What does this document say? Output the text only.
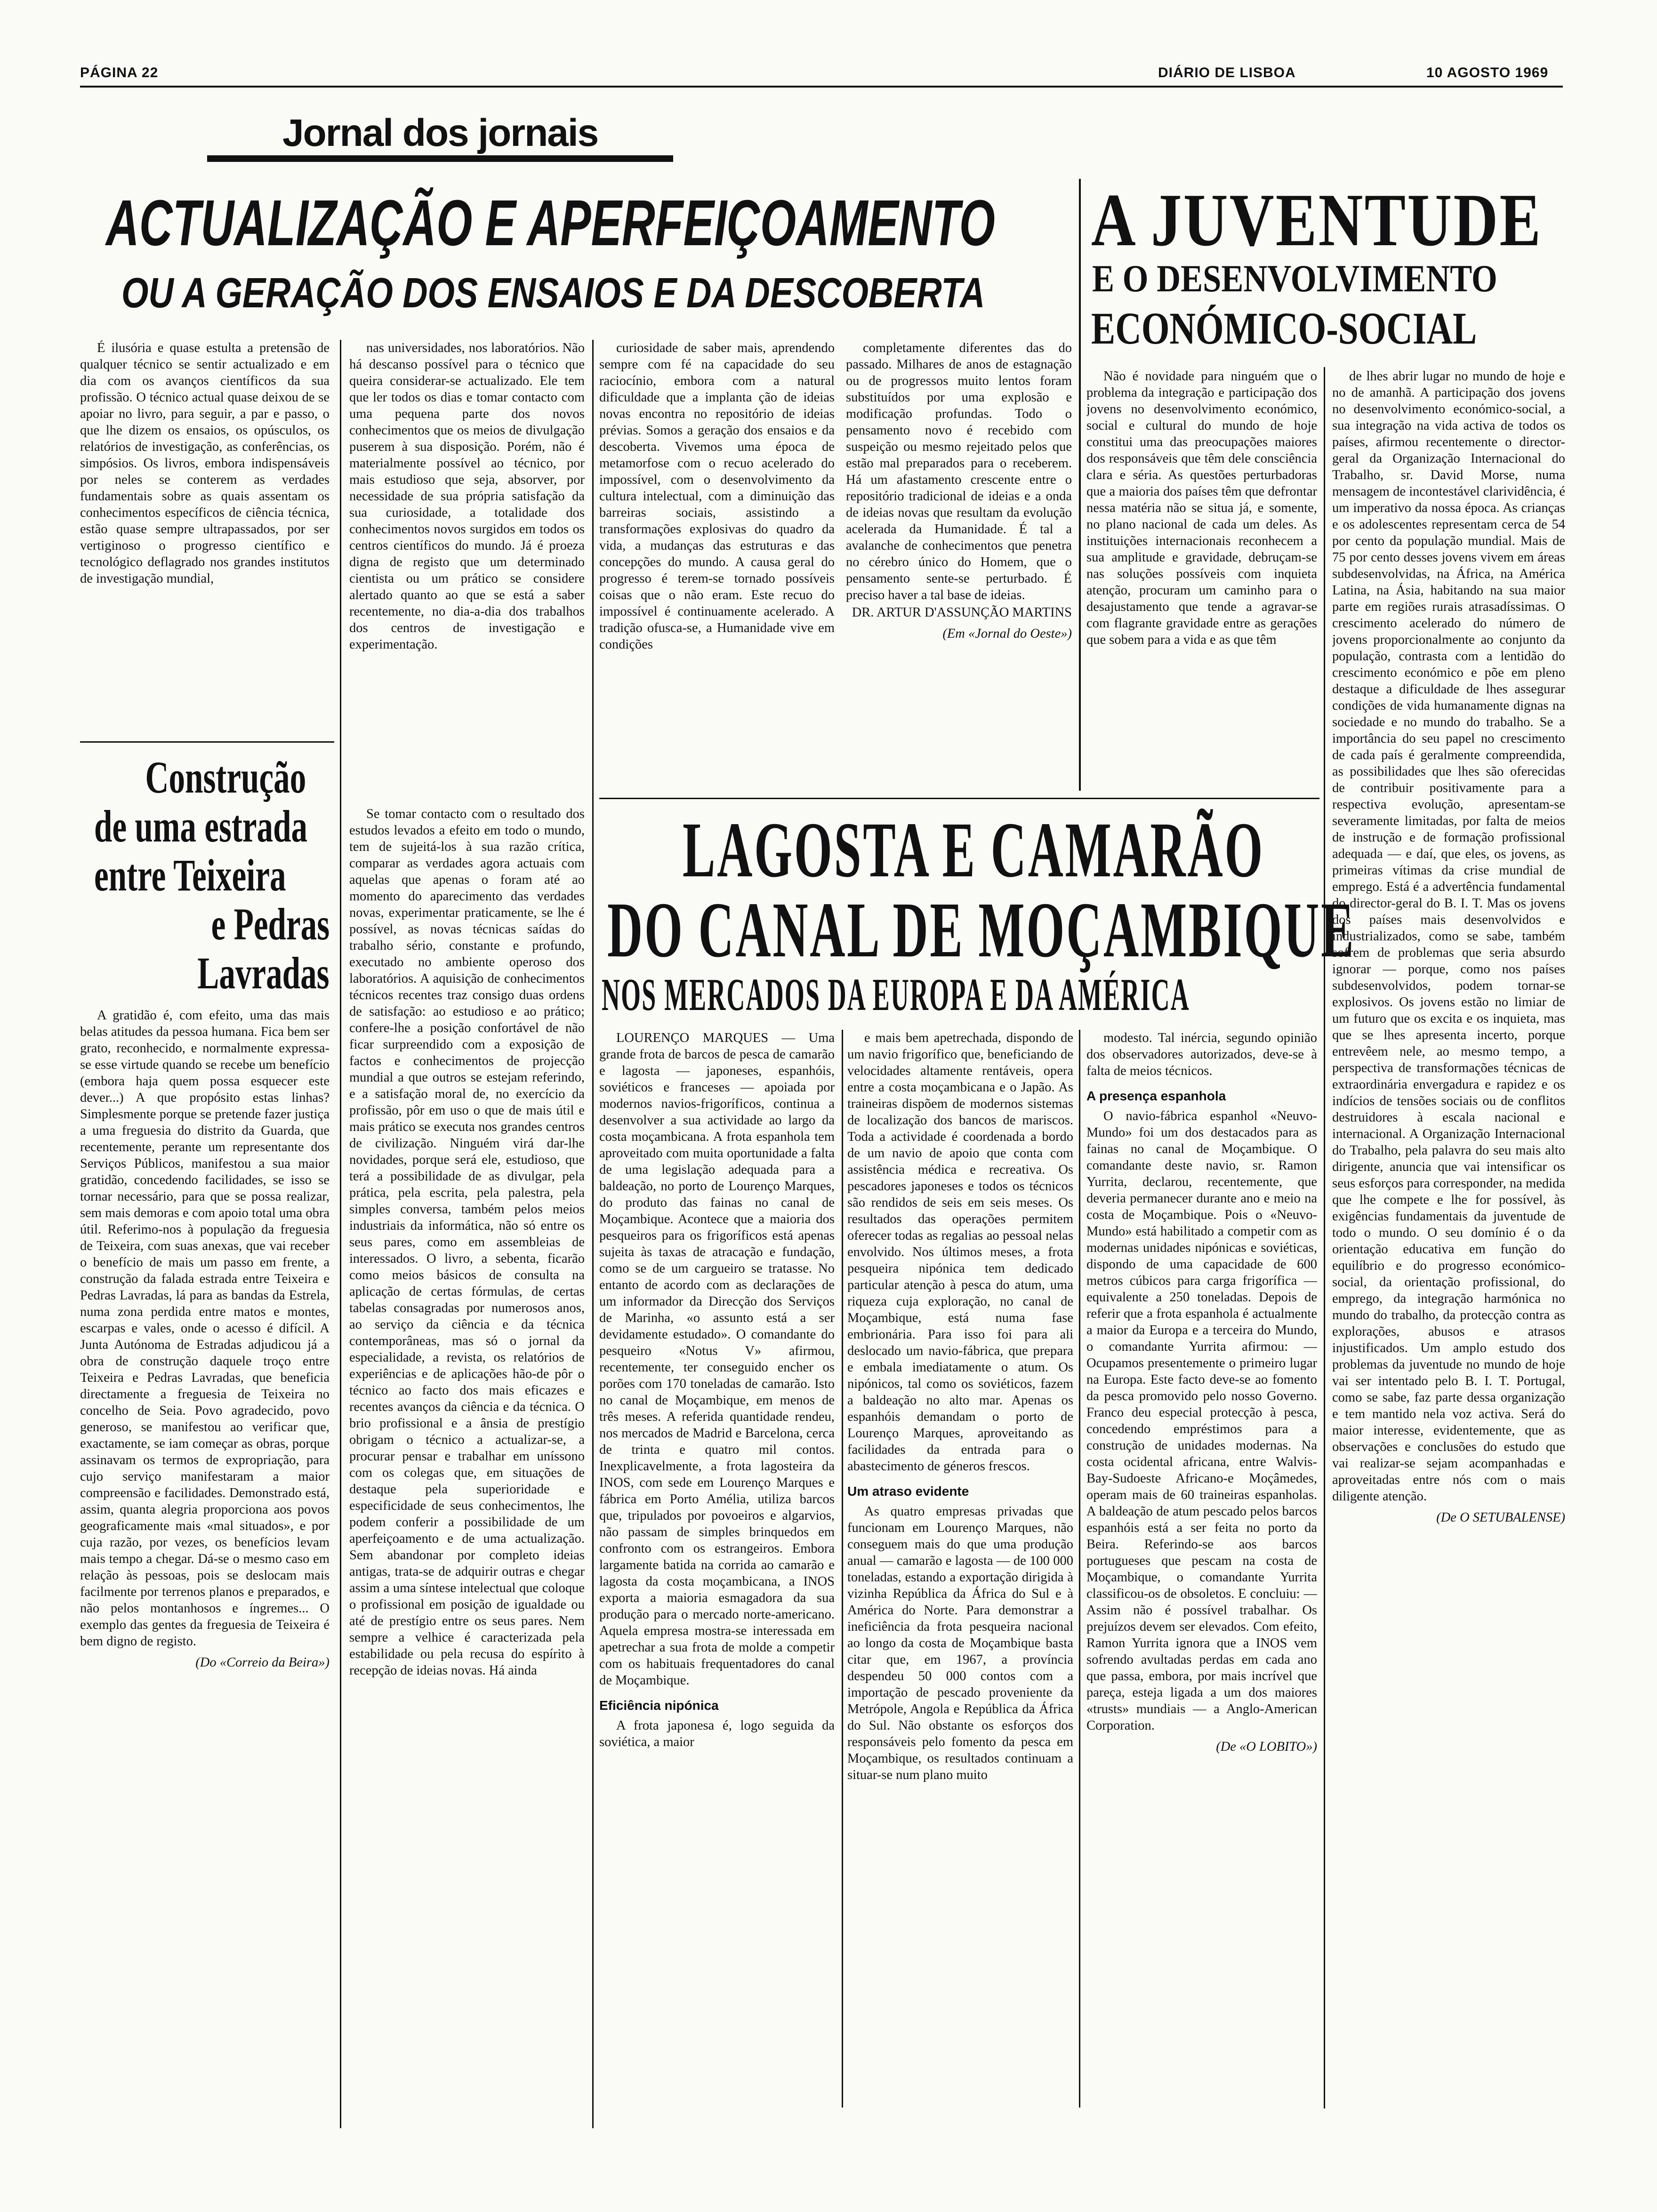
PÁGINA 22	DIÁRIO DE LISBOA	10 AGOSTO 1969
Jornal dos jornais
ACTUALIZAÇÃO E APERFEIÇOAMENTO
OU A GERAÇÃO DOS ENSAIOS E DA DESCOBERTA

É ilusória e quase estulta a pretensão de qualquer técnico se sentir actualizado e em dia com os avanços científicos da sua profissão. O técnico actual quase deixou de se apoiar no livro, para seguir, a par e passo, o que lhe dizem os ensaios, os opúsculos, os relatórios de investigação, as conferências, os simpósios. Os livros, embora indispensáveis por neles se conterem as verdades fundamentais sobre as quais assentam os conhecimentos específicos de ciência técnica, estão quase sempre ultrapassados, por ser vertiginoso o progresso científico e tecnológico deflagrado nos grandes institutos de investigação mundial,

nas universidades, nos laboratórios. Não há descanso possível para o técnico que queira considerar-se actualizado. Ele tem que ler todos os dias e tomar contacto com uma pequena parte dos novos conhecimentos que os meios de divulgação puserem à sua disposição. Porém, não é materialmente possível ao técnico, por mais estudioso que seja, absorver, por necessidade de sua própria satisfação da sua curiosidade, a totalidade dos conhecimentos novos surgidos em todos os centros científicos do mundo. Já é proeza digna de registo que um determinado cientista ou um prático se considere alertado quanto ao que se está a saber recentemente, no dia-a-dia dos trabalhos dos centros de investigação e experimentação.

curiosidade de saber mais, aprendendo sempre com fé na capacidade do seu raciocínio, embora com a natural dificuldade que a implanta ção de ideias novas encontra no repositório de ideias prévias. Somos a geração dos ensaios e da descoberta. Vivemos uma época de metamorfose com o recuo acelerado do impossível, com o desenvolvimento da cultura intelectual, com a diminuição das barreiras sociais, assistindo a transformações explosivas do quadro da vida, a mudanças das estruturas e das concepções do mundo. A causa geral do progresso é terem-se tornado possíveis coisas que o não eram. Este recuo do impossível é continuamente acelerado. A tradição ofusca-se, a Humanidade vive em condições

completamente diferentes das do passado. Milhares de anos de estagnação ou de progressos muito lentos foram substituídos por uma explosão e modificação profundas. Todo o pensamento novo é recebido com suspeição ou mesmo rejeitado pelos que estão mal preparados para o receberem. Há um afastamento crescente entre o repositório tradicional de ideias e a onda de ideias novas que resultam da evolução acelerada da Humanidade. É tal a avalanche de conhecimentos que penetra no cérebro único do Homem, que o pensamento sente-se perturbado. É preciso haver a tal base de ideias.

DR. ARTUR D'ASSUNÇÃO MARTINS

(Em «Jornal do Oeste»)

Se tomar contacto com o resultado dos estudos levados a efeito em todo o mundo, tem de sujeitá-los à sua razão crítica, comparar as verdades agora actuais com aquelas que apenas o foram até ao momento do aparecimento das verdades novas, experimentar praticamente, se lhe é possível, as novas técnicas saídas do trabalho sério, constante e profundo, executado no ambiente operoso dos laboratórios. A aquisição de conhecimentos técnicos recentes traz consigo duas ordens de satisfação: ao estudioso e ao prático; confere-lhe a posição confortável de não ficar surpreendido com a exposição de factos e conhecimentos de projecção mundial a que outros se estejam referindo, e a satisfação moral de, no exercício da profissão, pôr em uso o que de mais útil e mais prático se executa nos grandes centros de civilização. Ninguém virá dar-lhe novidades, porque será ele, estudioso, que terá a possibilidade de as divulgar, pela prática, pela escrita, pela palestra, pela simples conversa, também pelos meios industriais da informática, não só entre os seus pares, como em assembleias de interessados. O livro, a sebenta, ficarão como meios básicos de consulta na aplicação de certas fórmulas, de certas tabelas consagradas por numerosos anos, ao serviço da ciência e da técnica contemporâneas, mas só o jornal da especialidade, a revista, os relatórios de experiências e de aplicações hão-de pôr o técnico ao facto dos mais eficazes e recentes avanços da ciência e da técnica. O brio profissional e a ânsia de prestígio obrigam o técnico a actualizar-se, a procurar pensar e trabalhar em uníssono com os colegas que, em situações de destaque pela superioridade e especificidade de seus conhecimentos, lhe podem conferir a possibilidade de um aperfeiçoamento e de uma actualização. Sem abandonar por completo ideias antigas, trata-se de adquirir outras e chegar assim a uma síntese intelectual que coloque o profissional em posição de igualdade ou até de prestígio entre os seus pares. Nem sempre a velhice é caracterizada pela estabilidade ou pela recusa do espírito à recepção de ideias novas. Há ainda

Construção
de uma estrada
entre Teixeira
e Pedras
Lavradas

A gratidão é, com efeito, uma das mais belas atitudes da pessoa humana. Fica bem ser grato, reconhecido, e normalmente expressa-se esse virtude quando se recebe um benefício (embora haja quem possa esquecer este dever...) A que propósito estas linhas? Simplesmente porque se pretende fazer justiça a uma freguesia do distrito da Guarda, que recentemente, perante um representante dos Serviços Públicos, manifestou a sua maior gratidão, concedendo facilidades, se isso se tornar necessário, para que se possa realizar, sem mais demoras e com apoio total uma obra útil. Referimo-nos à população da freguesia de Teixeira, com suas anexas, que vai receber o benefício de mais um passo em frente, a construção da falada estrada entre Teixeira e Pedras Lavradas, lá para as bandas da Estrela, numa zona perdida entre matos e montes, escarpas e vales, onde o acesso é difícil. A Junta Autónoma de Estradas adjudicou já a obra de construção daquele troço entre Teixeira e Pedras Lavradas, que beneficia directamente a freguesia de Teixeira no concelho de Seia. Povo agradecido, povo generoso, se manifestou ao verificar que, exactamente, se iam começar as obras, porque assinavam os termos de expropriação, para cujo serviço manifestaram a maior compreensão e facilidades. Demonstrado está, assim, quanta alegria proporciona aos povos geograficamente mais «mal situados», e por cuja razão, por vezes, os benefícios levam mais tempo a chegar. Dá-se o mesmo caso em relação às pessoas, pois se deslocam mais facilmente por terrenos planos e preparados, e não pelos montanhosos e íngremes... O exemplo das gentes da freguesia de Teixeira é bem digno de registo.

(Do «Correio da Beira»)

A JUVENTUDE
E O DESENVOLVIMENTO
ECONÓMICO-SOCIAL

Não é novidade para ninguém que o problema da integração e participação dos jovens no desenvolvimento económico, social e cultural do mundo de hoje constitui uma das preocupações maiores dos responsáveis que têm dele consciência clara e séria. As questões perturbadoras que a maioria dos países têm que defrontar nessa matéria não se situa já, e somente, no plano nacional de cada um deles. As instituições internacionais reconhecem a sua amplitude e gravidade, debruçam-se nas soluções possíveis com inquieta atenção, procuram um caminho para o desajustamento que tende a agravar-se com flagrante gravidade entre as gerações que sobem para a vida e as que têm

de lhes abrir lugar no mundo de hoje e no de amanhã. A participação dos jovens no desenvolvimento económico-social, a sua integração na vida activa de todos os países, afirmou recentemente o director-geral da Organização Internacional do Trabalho, sr. David Morse, numa mensagem de incontestável clarividência, é um imperativo da nossa época. As crianças e os adolescentes representam cerca de 54 por cento da população mundial. Mais de 75 por cento desses jovens vivem em áreas subdesenvolvidas, na África, na América Latina, na Ásia, habitando na sua maior parte em regiões rurais atrasadíssimas. O crescimento acelerado do número de jovens proporcionalmente ao conjunto da população, contrasta com a lentidão do crescimento económico e põe em pleno destaque a dificuldade de lhes assegurar condições de vida humanamente dignas na sociedade e no mundo do trabalho. Se a importância do seu papel no crescimento de cada país é geralmente compreendida, as possibilidades que lhes são oferecidas de contribuir positivamente para a respectiva evolução, apresentam-se severamente limitadas, por falta de meios de instrução e de formação profissional adequada — e daí, que eles, os jovens, as primeiras vítimas da crise mundial de emprego. Está é a advertência fundamental do director-geral do B. I. T. Mas os jovens dos países mais desenvolvidos e industrializados, como se sabe, também sofrem de problemas que seria absurdo ignorar — porque, como nos países subdesenvolvidos, podem tornar-se explosivos. Os jovens estão no limiar de um futuro que os excita e os inquieta, mas que se lhes apresenta incerto, porque entrevêem nele, ao mesmo tempo, a perspectiva de transformações técnicas de extraordinária envergadura e rapidez e os indícios de tensões sociais ou de conflitos destruidores à escala nacional e internacional. A Organização Internacional do Trabalho, pela palavra do seu mais alto dirigente, anuncia que vai intensificar os seus esforços para corresponder, na medida que lhe compete e lhe for possível, às exigências fundamentais da juventude de todo o mundo. O seu domínio é o da orientação educativa em função do equilíbrio e do progresso económico-social, da orientação profissional, do emprego, da integração harmónica no mundo do trabalho, da protecção contra as explorações, abusos e atrasos injustificados. Um amplo estudo dos problemas da juventude no mundo de hoje vai ser intentado pelo B. I. T. Portugal, como se sabe, faz parte dessa organização e tem mantido nela voz activa. Será do maior interesse, evidentemente, que as observações e conclusões do estudo que vai realizar-se sejam acompanhadas e aproveitadas entre nós com o mais diligente atenção.

(De O SETUBALENSE)

LAGOSTA E CAMARÃO
DO CANAL DE MOÇAMBIQUE
NOS MERCADOS DA EUROPA E DA AMÉRICA

LOURENÇO MARQUES — Uma grande frota de barcos de pesca de camarão e lagosta — japoneses, espanhóis, soviéticos e franceses — apoiada por modernos navios-frigoríficos, continua a desenvolver a sua actividade ao largo da costa moçambicana. A frota espanhola tem aproveitado com muita oportunidade a falta de uma legislação adequada para a baldeação, no porto de Lourenço Marques, do produto das fainas no canal de Moçambique. Acontece que a maioria dos pesqueiros para os frigoríficos está apenas sujeita às taxas de atracação e fundação, como se de um cargueiro se tratasse. No entanto de acordo com as declarações de um informador da Direcção dos Serviços de Marinha, «o assunto está a ser devidamente estudado». O comandante do pesqueiro «Notus V» afirmou, recentemente, ter conseguido encher os porões com 170 toneladas de camarão. Isto no canal de Moçambique, em menos de três meses. A referida quantidade rendeu, nos mercados de Madrid e Barcelona, cerca de trinta e quatro mil contos. Inexplicavelmente, a frota lagosteira da INOS, com sede em Lourenço Marques e fábrica em Porto Amélia, utiliza barcos que, tripulados por povoeiros e algarvios, não passam de simples brinquedos em confronto com os estrangeiros. Embora largamente batida na corrida ao camarão e lagosta da costa moçambicana, a INOS exporta a maioria esmagadora da sua produção para o mercado norte-americano. Aquela empresa mostra-se interessada em apetrechar a sua frota de molde a competir com os habituais frequentadores do canal de Moçambique.

Eficiência nipónica

A frota japonesa é, logo seguida da soviética, a maior

e mais bem apetrechada, dispondo de um navio frigorífico que, beneficiando de velocidades altamente rentáveis, opera entre a costa moçambicana e o Japão. As traineiras dispõem de modernos sistemas de localização dos bancos de mariscos. Toda a actividade é coordenada a bordo de um navio de apoio que conta com assistência médica e recreativa. Os pescadores japoneses e todos os técnicos são rendidos de seis em seis meses. Os resultados das operações permitem oferecer todas as regalias ao pessoal nelas envolvido. Nos últimos meses, a frota pesqueira nipónica tem dedicado particular atenção à pesca do atum, uma riqueza cuja exploração, no canal de Moçambique, está numa fase embrionária. Para isso foi para ali deslocado um navio-fábrica, que prepara e embala imediatamente o atum. Os nipónicos, tal como os soviéticos, fazem a baldeação no alto mar. Apenas os espanhóis demandam o porto de Lourenço Marques, aproveitando as facilidades da entrada para o abastecimento de géneros frescos.

Um atraso evidente

As quatro empresas privadas que funcionam em Lourenço Marques, não conseguem mais do que uma produção anual — camarão e lagosta — de 100 000 toneladas, estando a exportação dirigida à vizinha República da África do Sul e à América do Norte. Para demonstrar a ineficiência da frota pesqueira nacional ao longo da costa de Moçambique basta citar que, em 1967, a província despendeu 50 000 contos com a importação de pescado proveniente da Metrópole, Angola e República da África do Sul. Não obstante os esforços dos responsáveis pelo fomento da pesca em Moçambique, os resultados continuam a situar-se num plano muito

modesto. Tal inércia, segundo opinião dos observadores autorizados, deve-se à falta de meios técnicos.

A presença espanhola

O navio-fábrica espanhol «Neuvo-Mundo» foi um dos destacados para as fainas no canal de Moçambique. O comandante deste navio, sr. Ramon Yurrita, declarou, recentemente, que deveria permanecer durante ano e meio na costa de Moçambique. Pois o «Neuvo-Mundo» está habilitado a competir com as modernas unidades nipónicas e soviéticas, dispondo de uma capacidade de 600 metros cúbicos para carga frigorífica — equivalente a 250 toneladas. Depois de referir que a frota espanhola é actualmente a maior da Europa e a terceira do Mundo, o comandante Yurrita afirmou: —Ocupamos presentemente o primeiro lugar na Europa. Este facto deve-se ao fomento da pesca promovido pelo nosso Governo. Franco deu especial protecção à pesca, concedendo empréstimos para a construção de unidades modernas. Na costa ocidental africana, entre Walvis-Bay-Sudoeste Africano-e Moçâmedes, operam mais de 60 traineiras espanholas. A baldeação de atum pescado pelos barcos espanhóis está a ser feita no porto da Beira. Referindo-se aos barcos portugueses que pescam na costa de Moçambique, o comandante Yurrita classificou-os de obsoletos. E concluiu: — Assim não é possível trabalhar. Os prejuízos devem ser elevados. Com efeito, Ramon Yurrita ignora que a INOS vem sofrendo avultadas perdas em cada ano que passa, embora, por mais incrível que pareça, esteja ligada a um dos maiores «trusts» mundiais — a Anglo-American Corporation.

(De «O LOBITO»)
